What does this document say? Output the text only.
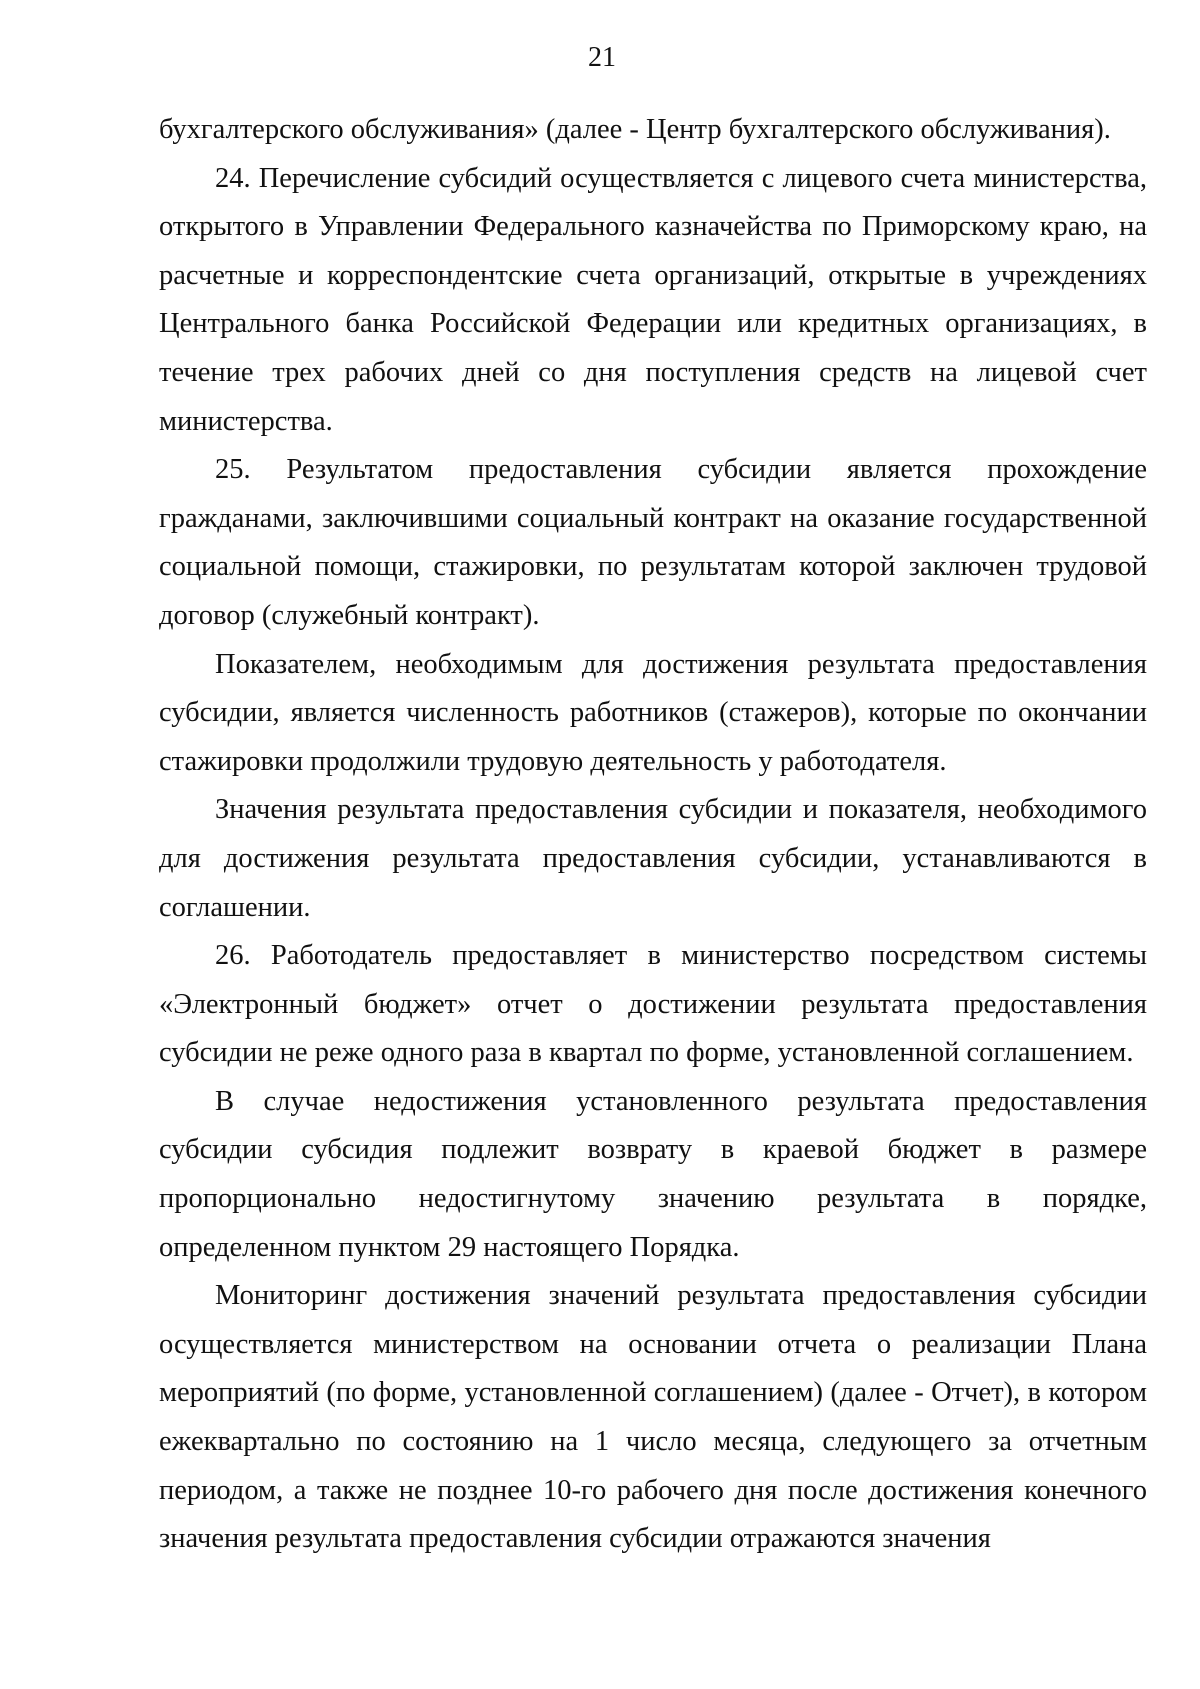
21

бухгалтерского обслуживания» (далее - Центр бухгалтерского обслуживания).

24. Перечисление субсидий осуществляется с лицевого счета министерства, открытого в Управлении Федерального казначейства по Приморскому краю, на расчетные и корреспондентские счета организаций, открытые в учреждениях Центрального банка Российской Федерации или кредитных организациях, в течение трех рабочих дней со дня поступления средств на лицевой счет министерства.

25. Результатом предоставления субсидии является прохождение гражданами, заключившими социальный контракт на оказание государственной социальной помощи, стажировки, по результатам которой заключен трудовой договор (служебный контракт).

Показателем, необходимым для достижения результата предоставления субсидии, является численность работников (стажеров), которые по окончании стажировки продолжили трудовую деятельность у работодателя.

Значения результата предоставления субсидии и показателя, необходимого для достижения результата предоставления субсидии, устанавливаются в соглашении.

26. Работодатель предоставляет в министерство посредством системы «Электронный бюджет» отчет о достижении результата предоставления субсидии не реже одного раза в квартал по форме, установленной соглашением.

В случае недостижения установленного результата предоставления субсидии субсидия подлежит возврату в краевой бюджет в размере пропорционально недостигнутому значению результата в порядке, определенном пунктом 29 настоящего Порядка.

Мониторинг достижения значений результата предоставления субсидии осуществляется министерством на основании отчета о реализации Плана мероприятий (по форме, установленной соглашением) (далее - Отчет), в котором ежеквартально по состоянию на 1 число месяца, следующего за отчетным периодом, а также не позднее 10-го рабочего дня после достижения конечного значения результата предоставления субсидии отражаются значения
